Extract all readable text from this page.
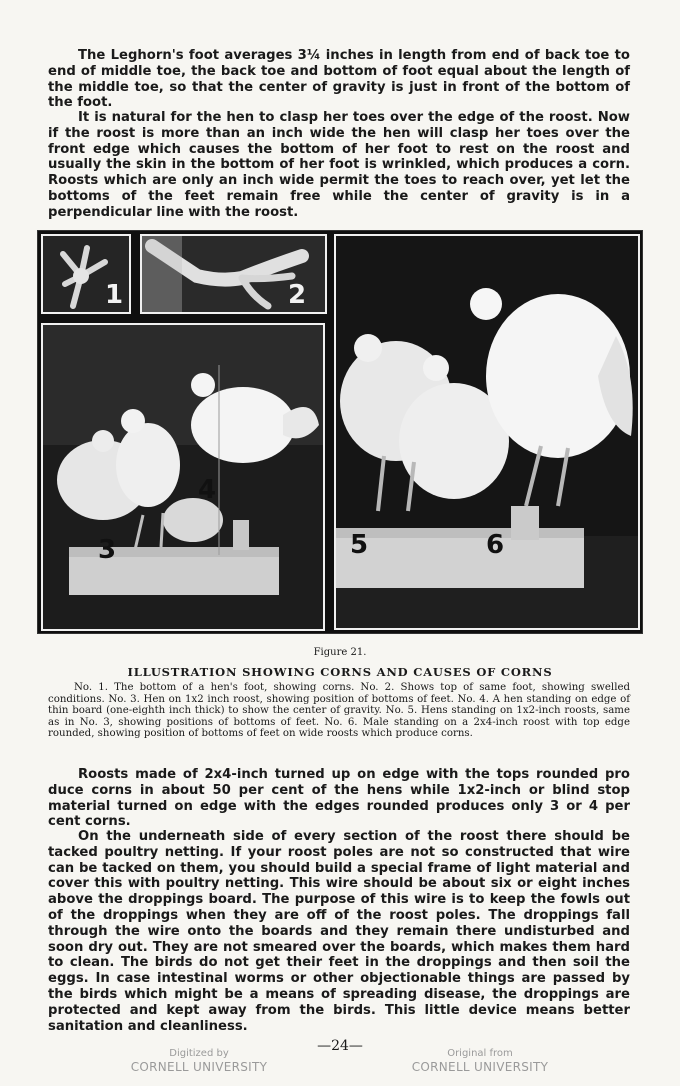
The Leghorn's foot averages 3¼ inches in length from end of back toe to end of middle toe, the back toe and bottom of foot equal about the length of the middle toe, so that the center of gravity is just in front of the bottom of the foot.

It is natural for the hen to clasp her toes over the edge of the roost. Now if the roost is more than an inch wide the hen will clasp her toes over the front edge which causes the bottom of her foot to rest on the roost and usually the skin in the bottom of her foot is wrinkled, which produces a corn. Roosts which are only an inch wide permit the toes to reach over, yet let the bottoms of the feet remain free while the center of gravity is in a perpendicular line with the roost.

1	2
3
4
5	6
Figure 21.
ILLUSTRATION SHOWING CORNS AND CAUSES OF CORNS

No. 1. The bottom of a hen's foot, showing corns. No. 2. Shows top of same foot, showing swelled conditions. No. 3. Hen on 1x2 inch roost, showing position of bottoms of feet. No. 4. A hen standing on edge of thin board (one-eighth inch thick) to show the center of gravity. No. 5. Hens standing on 1x2-inch roosts, same as in No. 3, showing positions of bottoms of feet. No. 6. Male standing on a 2x4-inch roost with top edge rounded, showing position of bottoms of feet on wide roosts which produce corns.

Roosts made of 2x4-inch turned up on edge with the tops rounded pro duce corns in about 50 per cent of the hens while 1x2-inch or blind stop material turned on edge with the edges rounded produces only 3 or 4 per cent corns.

On the underneath side of every section of the roost there should be tacked poultry netting. If your roost poles are not so constructed that wire can be tacked on them, you should build a special frame of light material and cover this with poultry netting. This wire should be about six or eight inches above the droppings board. The purpose of this wire is to keep the fowls out of the droppings when they are off of the roost poles. The droppings fall through the wire onto the boards and they remain there undisturbed and soon dry out. They are not smeared over the boards, which makes them hard to clean. The birds do not get their feet in the droppings and then soil the eggs. In case intestinal worms or other objectionable things are passed by the birds which might be a means of spreading disease, the droppings are protected and kept away from the birds. This little device means better sanitation and cleanliness.

—24—
Digitized by
CORNELL UNIVERSITY
Original from
CORNELL UNIVERSITY
